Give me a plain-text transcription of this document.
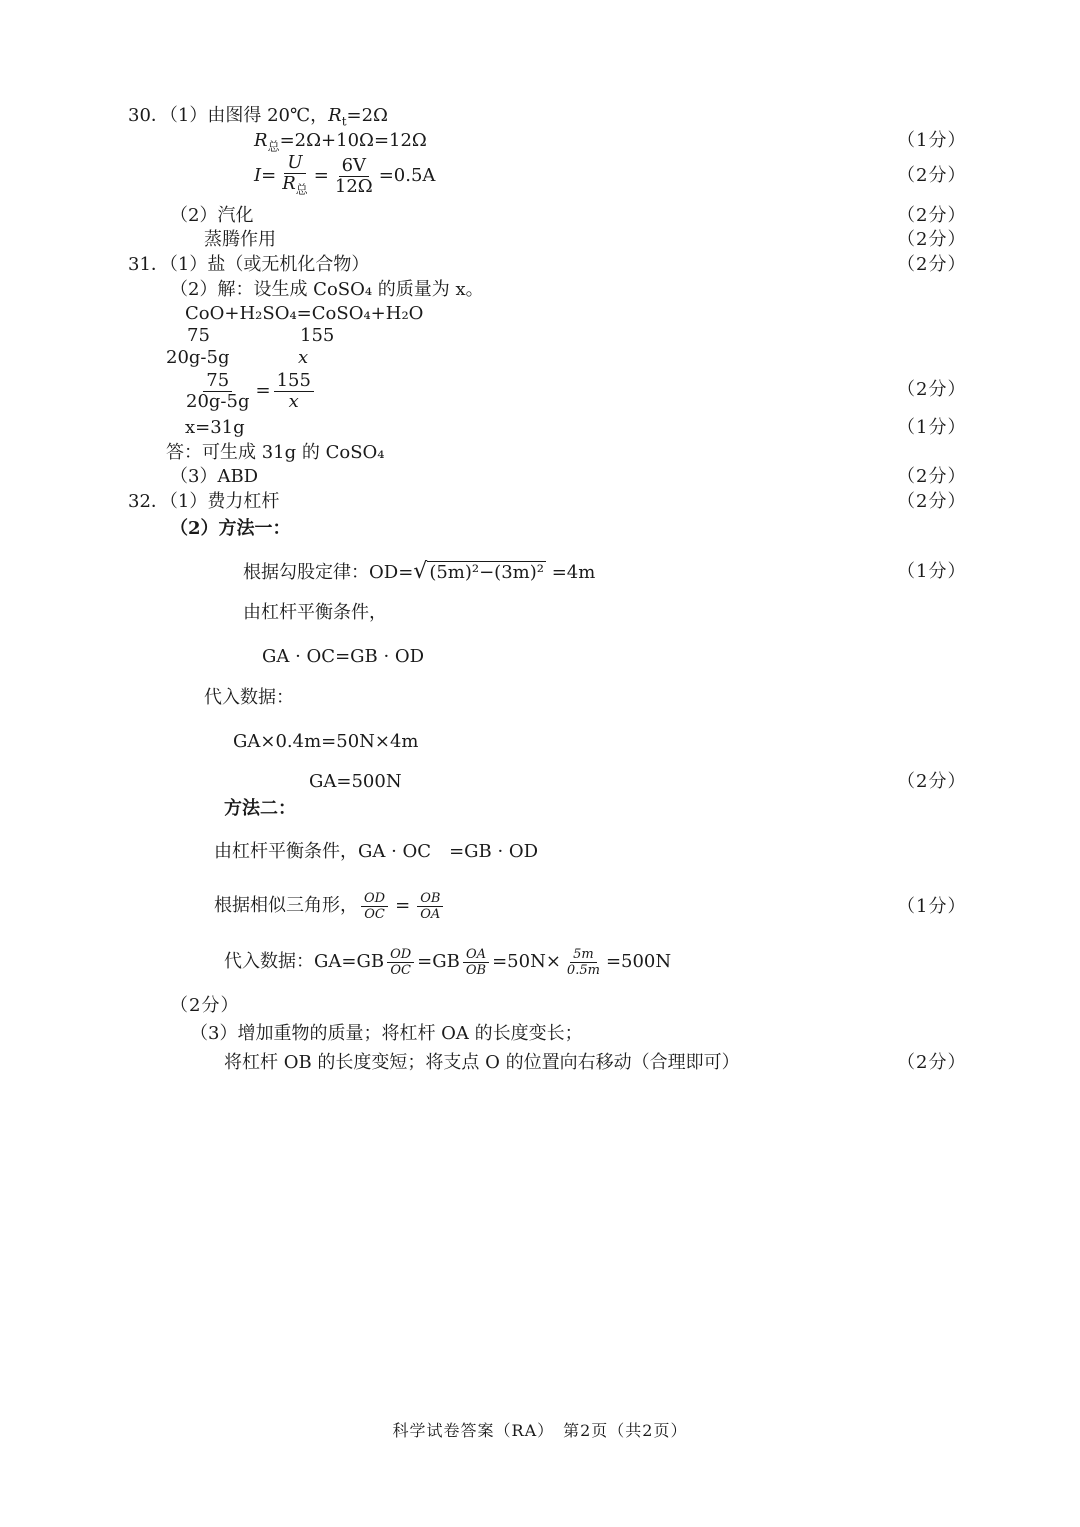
30．（1）由图得 20℃，$R_t=2\Omega$
$R_总=2\Omega+10\Omega=12\Omega$	（1分）
$I= \frac{U}{R_总} = \frac{6V}{12\Omega} =0.5A$	（2分）
（2）汽化	（2分）
蒸腾作用	（2分）
31．（1）盐（或无机化合物）	（2分）
（2）解：设生成 CoSO₄ 的质量为 x。
CoO+H₂SO₄=CoSO₄+H₂O
75	155
20g-5g	x
$\frac{75}{20g-5g} = \frac{155}{x}$	（2分）
x=31g	（1分）
答：可生成 31g 的 CoSO₄
（3）ABD	（2分）
32．（1）费力杠杆	（2分）
（2）方法一：
根据勾股定律：OD=√ (5m)²−(3m)² =4m	（1分）
由杠杆平衡条件，
GA · OC=GB · OD
代入数据：
GA×0.4m=50N×4m
GA=500N	（2分）
方法二：
由杠杆平衡条件，GA · OC　=GB · OD
根据相似三角形， $\frac{OD}{OC} = \frac{OB}{OA}$	（1分）
代入数据：$GA=GB \frac{OD}{OC} =GB \frac{OA}{OB} =50N\times \frac{5m}{0.5m} =500N$
（2分）
（3）增加重物的质量；将杠杆 OA 的长度变长；
将杠杆 OB 的长度变短；将支点 O 的位置向右移动（合理即可）	（2分）
科学试卷答案（RA）　第2页（共2页）
